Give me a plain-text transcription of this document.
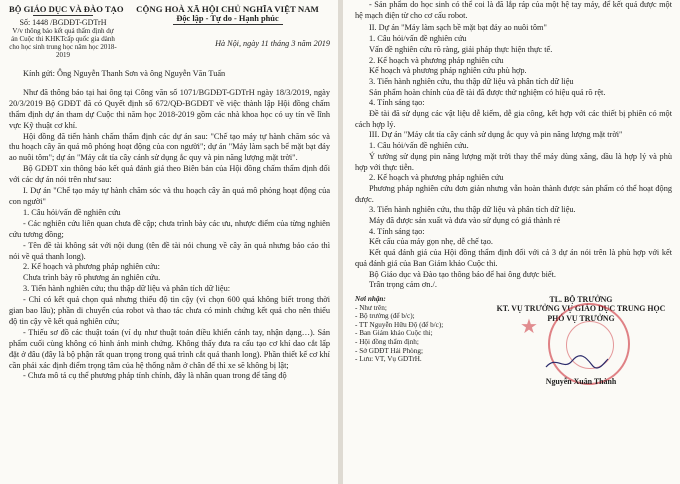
BỘ GIÁO DỤC VÀ ĐÀO TẠO
Số: 1448 /BGDĐT-GDTrH
V/v thông báo kết quả thẩm định dự án Cuộc thi KHKTcấp quốc gia dành cho học sinh trung học năm học 2018-2019
CỘNG HOÀ XÃ HỘI CHỦ NGHĨA VIỆT NAM
Độc lập - Tự do - Hạnh phúc
Hà Nội, ngày 11 tháng 3 năm 2019

Kính gửi: Ông Nguyễn Thanh Sơn và ông Nguyễn Văn Tuấn

Như đã thông báo tại hai ông tại Công văn số 1071/BGDĐT-GDTrH ngày 18/3/2019, ngày 20/3/2019 Bộ GDĐT đã có Quyết định số 672/QĐ-BGDĐT về việc thành lập Hội đồng chấm thẩm định dự án tham dự Cuộc thi năm học 2018-2019 gồm các nhà khoa học có uy tín về lĩnh vực Kỹ thuật cơ khí.

Hội đồng đã tiến hành chấm thẩm định các dự án sau: "Chế tạo máy tự hành chăm sóc và thu hoạch cây ăn quả mô phỏng hoạt động của con người"; dự án "Máy làm sạch bể mặt bạt đáy ao nuôi tôm"; dự án "Máy cắt tỉa cây cảnh sử dụng ắc quy và pin năng lượng mặt trời".

Bộ GDĐT xin thông báo kết quả đánh giá theo Biên bản của Hội đồng chấm thẩm định đối với các dự án nói trên như sau:

I. Dự án "Chế tạo máy tự hành chăm sóc và thu hoạch cây ăn quả mô phỏng hoạt động của con người"

1. Câu hỏi/vấn đề nghiên cứu

- Các nghiên cứu liên quan chưa đề cập; chưa trình bày các ưu, nhược điểm của từng nghiên cứu tương đồng;

- Tên đề tài không sát với nội dung (tên đề tài nói chung về cây ăn quả nhưng báo cáo thì nói về quả thanh long).

2. Kế hoạch và phương pháp nghiên cứu:

Chưa trình bày rõ phương án nghiên cứu.

3. Tiến hành nghiên cứu; thu thập dữ liệu và phân tích dữ liệu:

- Chỉ có kết quả chọn quả nhưng thiếu độ tin cậy (vì chọn 600 quả không biết trong thời gian bao lâu); phần di chuyển của robot và thao tác chưa có minh chứng kết quả cho nên thiếu độ tin cậy về kết quả nghiên cứu;

- Thiếu sơ đồ các thuật toán (ví dụ như thuật toán điều khiển cánh tay, nhận dạng…). Sản phẩm cuối cùng không có hình ảnh minh chứng. Không thấy đưa ra cấu tạo cơ khí dao cắt lấp đặt ở đâu (đây là bộ phận rất quan trọng trong quá trình cắt quả thanh long). Phần thiết kế cơ khí cần phải xác định điểm trọng tâm của hệ thống nằm ở chân đế thì xe sẽ không bị lật;

- Chưa mô tả cụ thể phương pháp tính chính, đây là nhân quan trong để tăng độ

- Sản phẩm do học sinh có thể coi là đã lắp ráp của một hệ tay máy, để kết quả được một hệ mạch điện từ cho cơ cấu robot.

II. Dự án "Máy làm sạch bề mặt bạt đáy ao nuôi tôm"

1. Câu hỏi/vấn đề nghiên cứu

Vấn đề nghiên cứu rõ ràng, giải pháp thực hiện thực tế.

2. Kế hoạch và phương pháp nghiên cứu

Kế hoạch và phương pháp nghiên cứu phù hợp.

3. Tiến hành nghiên cứu, thu thập dữ liệu và phân tích dữ liệu

Sản phẩm hoàn chỉnh của đề tài đã được thử nghiệm có hiệu quả rõ rệt.

4. Tính sáng tạo:

Đề tài đã sử dụng các vật liệu dễ kiếm, dễ gia công, kết hợp với các thiết bị phiên có một cách hợp lý.

III. Dự án "Máy cắt tỉa cây cảnh sử dụng ắc quy và pin năng lượng mặt trời"

1. Câu hỏi/vấn đề nghiên cứu.

Ý tưởng sử dụng pin năng lượng mặt trời thay thế máy dùng xăng, dầu là hợp lý và phù hợp với thực tiễn.

2. Kế hoạch và phương pháp nghiên cứu

Phương pháp nghiên cứu đơn giản nhưng vẫn hoàn thành được sản phẩm có thể hoạt động được.

3. Tiến hành nghiên cứu, thu thập dữ liệu và phân tích dữ liệu.

Máy đã được sản xuất và đưa vào sử dụng có giá thành rẻ

4. Tính sáng tạo:

Kết cấu của máy gọn nhẹ, dễ chế tạo.

Kết quả đánh giá của Hội đồng thẩm định đối với cả 3 dự án nói trên là phù hợp với kết quả đánh giá của Ban Giám khảo Cuộc thi.

Bộ Giáo dục và Đào tạo thông báo để hai ông được biết.

Trân trọng cảm ơn./.

Nơi nhận:
- Như trên;
- Bộ trưởng (để b/c);
- TT Nguyễn Hữu Độ (để b/c);
- Ban Giám khảo Cuộc thi;
- Hội đồng thẩm định;
- Sở GDĐT Hải Phòng;
- Lưu: VT, Vụ GDTrH.
★
TL. BỘ TRƯỞNG
KT. VỤ TRƯỞNG VỤ GIÁO DỤC TRUNG HỌC
PHÓ VỤ TRƯỞNG
Nguyễn Xuân Thành
